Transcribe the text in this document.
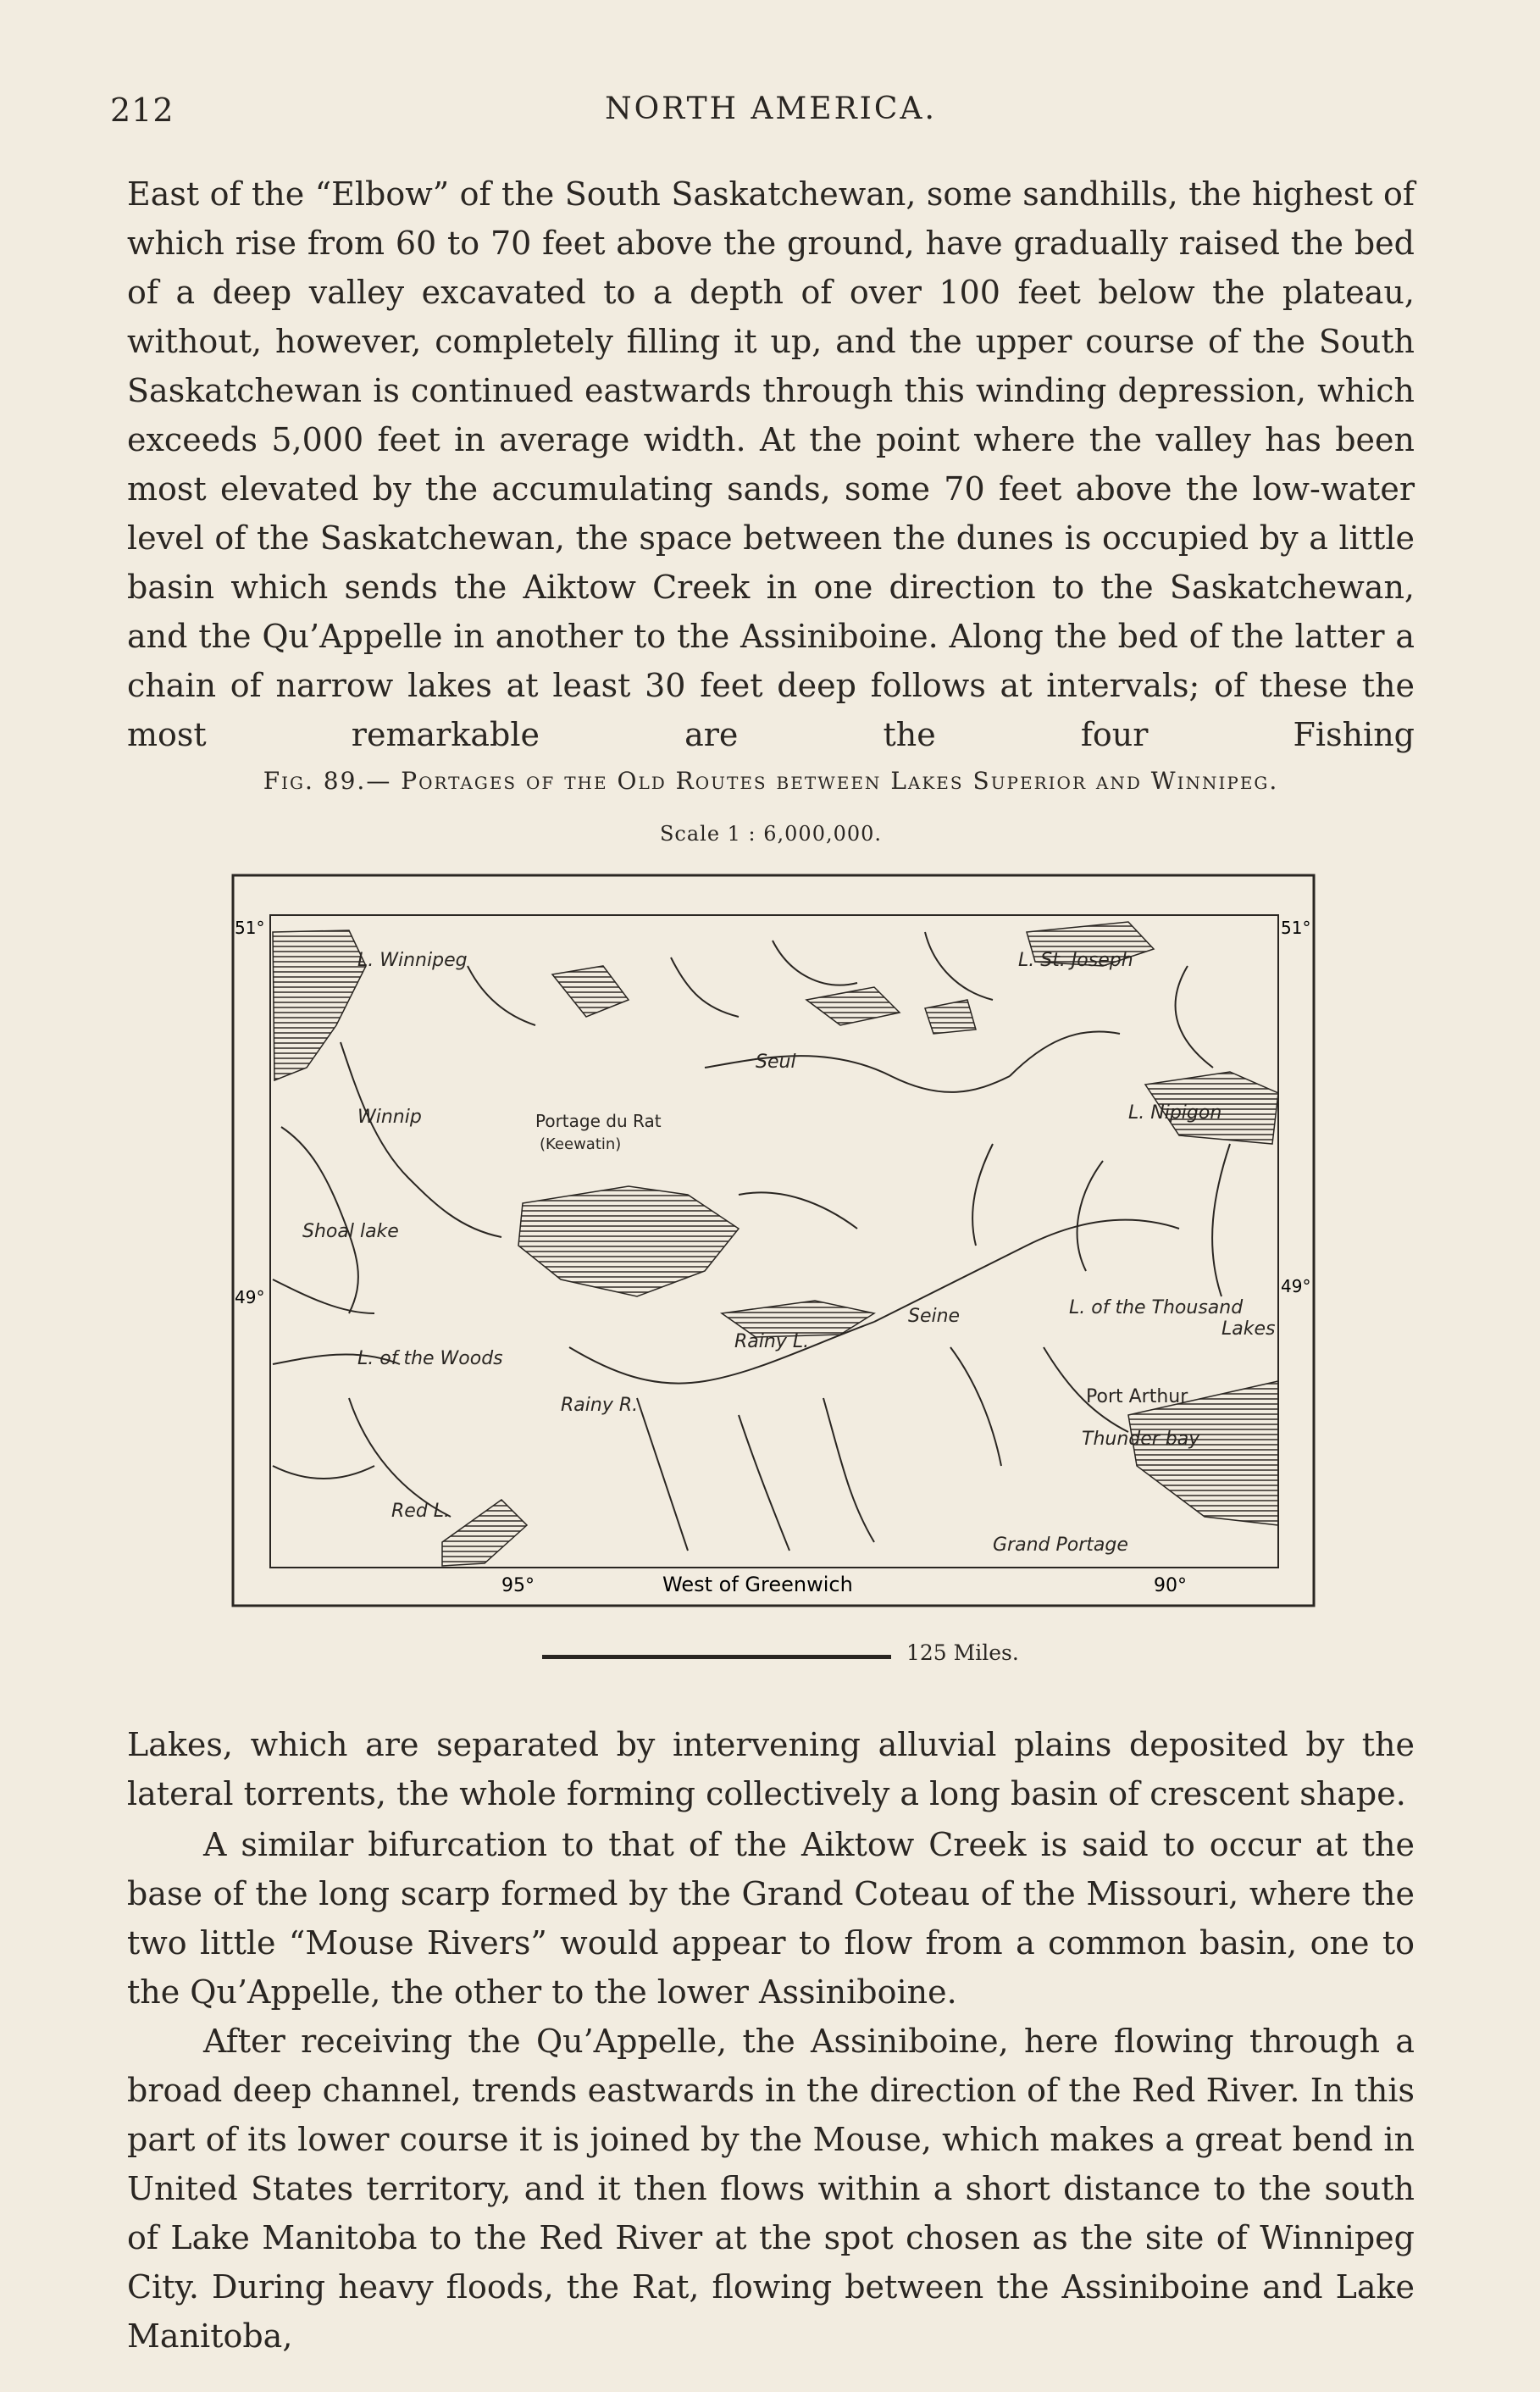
212	NORTH AMERICA.

East of the “Elbow” of the South Saskatchewan, some sandhills, the highest of which rise from 60 to 70 feet above the ground, have gradually raised the bed of a deep valley excavated to a depth of over 100 feet below the plateau, without, however, completely filling it up, and the upper course of the South Saskatchewan is continued eastwards through this winding depression, which exceeds 5,000 feet in average width. At the point where the valley has been most elevated by the accumulating sands, some 70 feet above the low-water level of the Saskatchewan, the space between the dunes is occupied by a little basin which sends the Aiktow Creek in one direction to the Saskatchewan, and the Qu’Appelle in another to the Assiniboine. Along the bed of the latter a chain of narrow lakes at least 30 feet deep follows at intervals; of these the most remarkable are the four Fishing

Fig. 89.— Portages of the Old Routes between Lakes Superior and Winnipeg.
Scale 1 : 6,000,000.
51°	51°
49°
49°
95°	West of Greenwich	90°
L. Winnipeg	L. St. Joseph
L. Nipigon
Winnip
Seul
Portage du Rat
(Keewatin)
Shoal lake
L. of the Woods
Rainy L.
Seine	L. of the Thousand
Lakes
Rainy R.	Port Arthur
Thunder bay
Red L.
Grand Portage
125 Miles.

Lakes, which are separated by intervening alluvial plains deposited by the lateral torrents, the whole forming collectively a long basin of crescent shape.

A similar bifurcation to that of the Aiktow Creek is said to occur at the base of the long scarp formed by the Grand Coteau of the Missouri, where the two little “Mouse Rivers” would appear to flow from a common basin, one to the Qu’Appelle, the other to the lower Assiniboine.

After receiving the Qu’Appelle, the Assiniboine, here flowing through a broad deep channel, trends eastwards in the direction of the Red River. In this part of its lower course it is joined by the Mouse, which makes a great bend in United States territory, and it then flows within a short distance to the south of Lake Manitoba to the Red River at the spot chosen as the site of Winnipeg City. During heavy floods, the Rat, flowing between the Assiniboine and Lake Manitoba,
